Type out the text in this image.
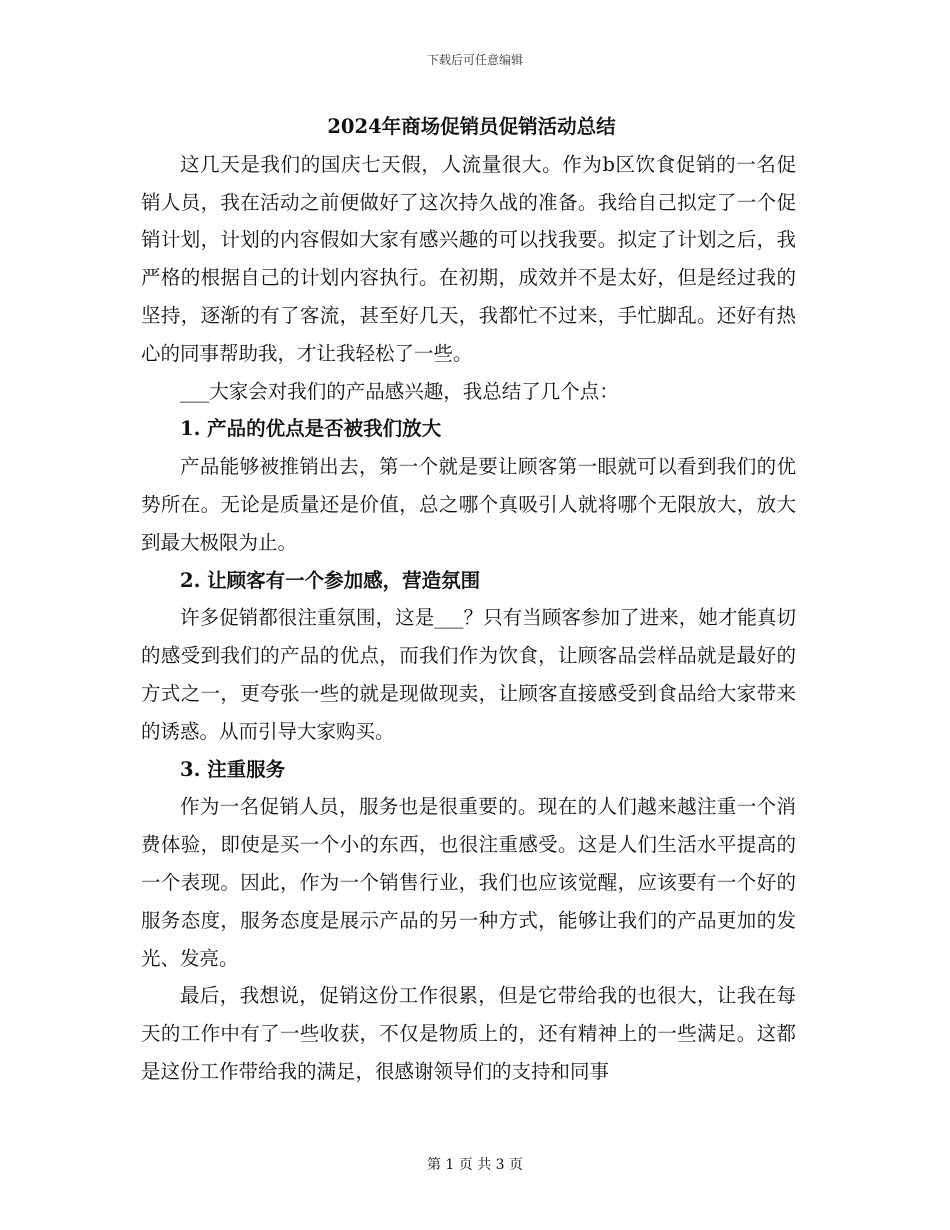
下载后可任意编辑
2024年商场促销员促销活动总结

这几天是我们的国庆七天假，人流量很大。作为b区饮食促销的一名促销人员，我在活动之前便做好了这次持久战的准备。我给自己拟定了一个促销计划，计划的内容假如大家有感兴趣的可以找我要。拟定了计划之后，我严格的根据自己的计划内容执行。在初期，成效并不是太好，但是经过我的坚持，逐渐的有了客流，甚至好几天，我都忙不过来，手忙脚乱。还好有热心的同事帮助我，才让我轻松了一些。

___大家会对我们的产品感兴趣，我总结了几个点：

1. 产品的优点是否被我们放大

产品能够被推销出去，第一个就是要让顾客第一眼就可以看到我们的优势所在。无论是质量还是价值，总之哪个真吸引人就将哪个无限放大，放大到最大极限为止。

2. 让顾客有一个参加感，营造氛围

许多促销都很注重氛围，这是___？只有当顾客参加了进来，她才能真切的感受到我们的产品的优点，而我们作为饮食，让顾客品尝样品就是最好的方式之一，更夸张一些的就是现做现卖，让顾客直接感受到食品给大家带来的诱惑。从而引导大家购买。

3. 注重服务

作为一名促销人员，服务也是很重要的。现在的人们越来越注重一个消费体验，即使是买一个小的东西，也很注重感受。这是人们生活水平提高的一个表现。因此，作为一个销售行业，我们也应该觉醒，应该要有一个好的服务态度，服务态度是展示产品的另一种方式，能够让我们的产品更加的发光、发亮。

最后，我想说，促销这份工作很累，但是它带给我的也很大，让我在每天的工作中有了一些收获，不仅是物质上的，还有精神上的一些满足。这都是这份工作带给我的满足，很感谢领导们的支持和同事

第 1 页 共 3 页
